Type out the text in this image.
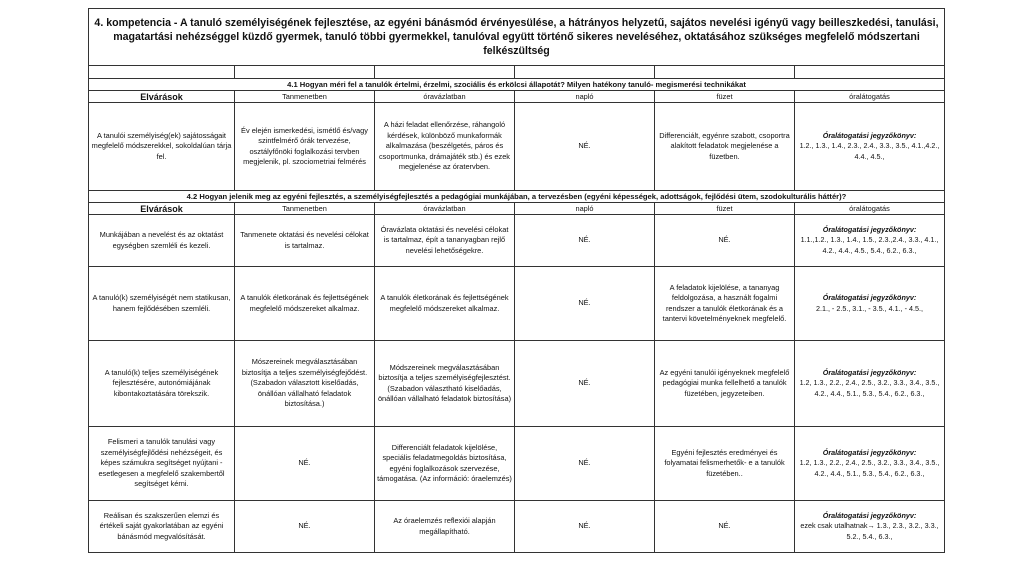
4. kompetencia - A tanuló személyiségének fejlesztése, az egyéni bánásmód érvényesülése, a hátrányos helyzetű, sajátos nevelési igényű vagy beilleszkedési, tanulási, magatartási nehézséggel küzdő gyermek, tanuló többi gyermekkel, tanulóval együtt történő sikeres neveléséhez, oktatásához szükséges megfelelő módszertani felkészültség					

4.1 Hogyan méri fel a tanulók értelmi, érzelmi, szociális és erkölcsi állapotát? Milyen hatékony tanuló- megismerési technikákat					
Elvárások	Tanmenetben	óravázlatban	napló	füzet	óralátogatás
A tanulói személyiség(ek) sajátosságait megfelelő módszerekkel, sokoldalúan tárja fel.	Év elején ismerkedési, ismétlő és/vagy szintfelmérő órák tervezése, osztályfőnöki foglalkozási tervben megjelenik, pl. szociometriai felmérés	A házi feladat ellenőrzése, ráhangoló kérdések, különböző munkaformák alkalmazása (beszélgetés, páros és csoportmunka, drámajáték stb.) és ezek megjelenése az óratervben.	NÉ.	Differenciált, egyénre szabott, csoportra alakított feladatok megjelenése a füzetben.	Óralátogatási jegyzőkönyv:
1.2., 1.3., 1.4., 2.3., 2.4., 3.3., 3.5., 4.1.,4.2., 4.4., 4.5.,
4.2 Hogyan jelenik meg az egyéni fejlesztés, a személyiségfejlesztés a pedagógiai munkájában, a tervezésben (egyéni képességek, adottságok, fejlődési ütem, szodokulturális háttér)?					
Elvárások	Tanmenetben	óravázlatban	napló	füzet	óralátogatás
Munkájában a nevelést és az oktatást egységben szemléli és kezeli.	Tanmenete oktatási és nevelési célokat is tartalmaz.	Óravázlata oktatási és nevelési célokat is tartalmaz, épít a tananyagban rejlő nevelési lehetőségekre.	NÉ.	NÉ.	Óralátogatási jegyzőkönyv:
1.1.,1.2., 1.3., 1.4., 1.5., 2.3.,2.4., 3.3., 4.1., 4.2., 4.4., 4.5., 5.4., 6.2., 6.3.,
A tanuló(k) személyiségét nem statikusan, hanem fejlődésében szemléli.	A tanulók életkorának és fejlettségének megfelelő módszereket alkalmaz.	A tanulók életkorának és fejlettségének megfelelő módszereket alkalmaz.	NÉ.	A feladatok kijelölése, a tananyag feldolgozása, a használt fogalmi rendszer a tanulók életkorának és a tantervi követelményeknek megfelelő.	Óralátogatási jegyzőkönyv:
2.1., - 2.5., 3.1., - 3.5., 4.1., - 4.5.,
A tanuló(k) teljes személyiségének fejlesztésére, autonómiájának kibontakoztatására törekszik.	Mószereinek megválasztásában biztosítja a teljes személyiségfejődést. (Szabadon választott kiselőadás, önállóan vállalható feladatok biztosítása.)	Módszereinek megválasztásában biztosítja a teljes személyiségfejlesztést. (Szabadon választható kiselőadás, önállóan vállalható feladatok biztosítása)	NÉ.	Az egyéni tanulói igényeknek megfelelő pedagógiai munka fellelhető a tanulók füzetében, jegyzeteiben.	Óralátogatási jegyzőkönyv:
1.2, 1.3., 2.2., 2.4., 2.5., 3.2., 3.3., 3.4., 3.5., 4.2., 4.4., 5.1., 5.3., 5.4., 6.2., 6.3.,
Felismeri a tanulók tanulási vagy személyiségfejlődési nehézségeit, és képes számukra segítséget nyújtani - esetlegesen a megfelelő szakembertől segítséget kérni.	NÉ.	Differenciált feladatok kijelölése, speciális feladatmegoldás biztosítása, egyéni foglalkozások szervezése, támogatása. (Az információ: óraelemzés)	NÉ.	Egyéni fejlesztés eredményei és folyamatai felismerhetők- e a tanulók füzetében..	Óralátogatási jegyzőkönyv:
1.2, 1.3., 2.2., 2.4., 2.5., 3.2., 3.3., 3.4., 3.5., 4.2., 4.4., 5.1., 5.3., 5.4., 6.2., 6.3.,
Reálisan és szakszerűen elemzi és értékeli saját gyakorlatában az egyéni bánásmód megvalósítását.	NÉ.	Az óraelemzés reflexiói alapján megállapítható.	NÉ.	NÉ.	Óralátogatási jegyzőkönyv:
ezek csak utalhatnak→ 1.3., 2.3., 3.2., 3.3., 5.2., 5.4., 6.3.,
